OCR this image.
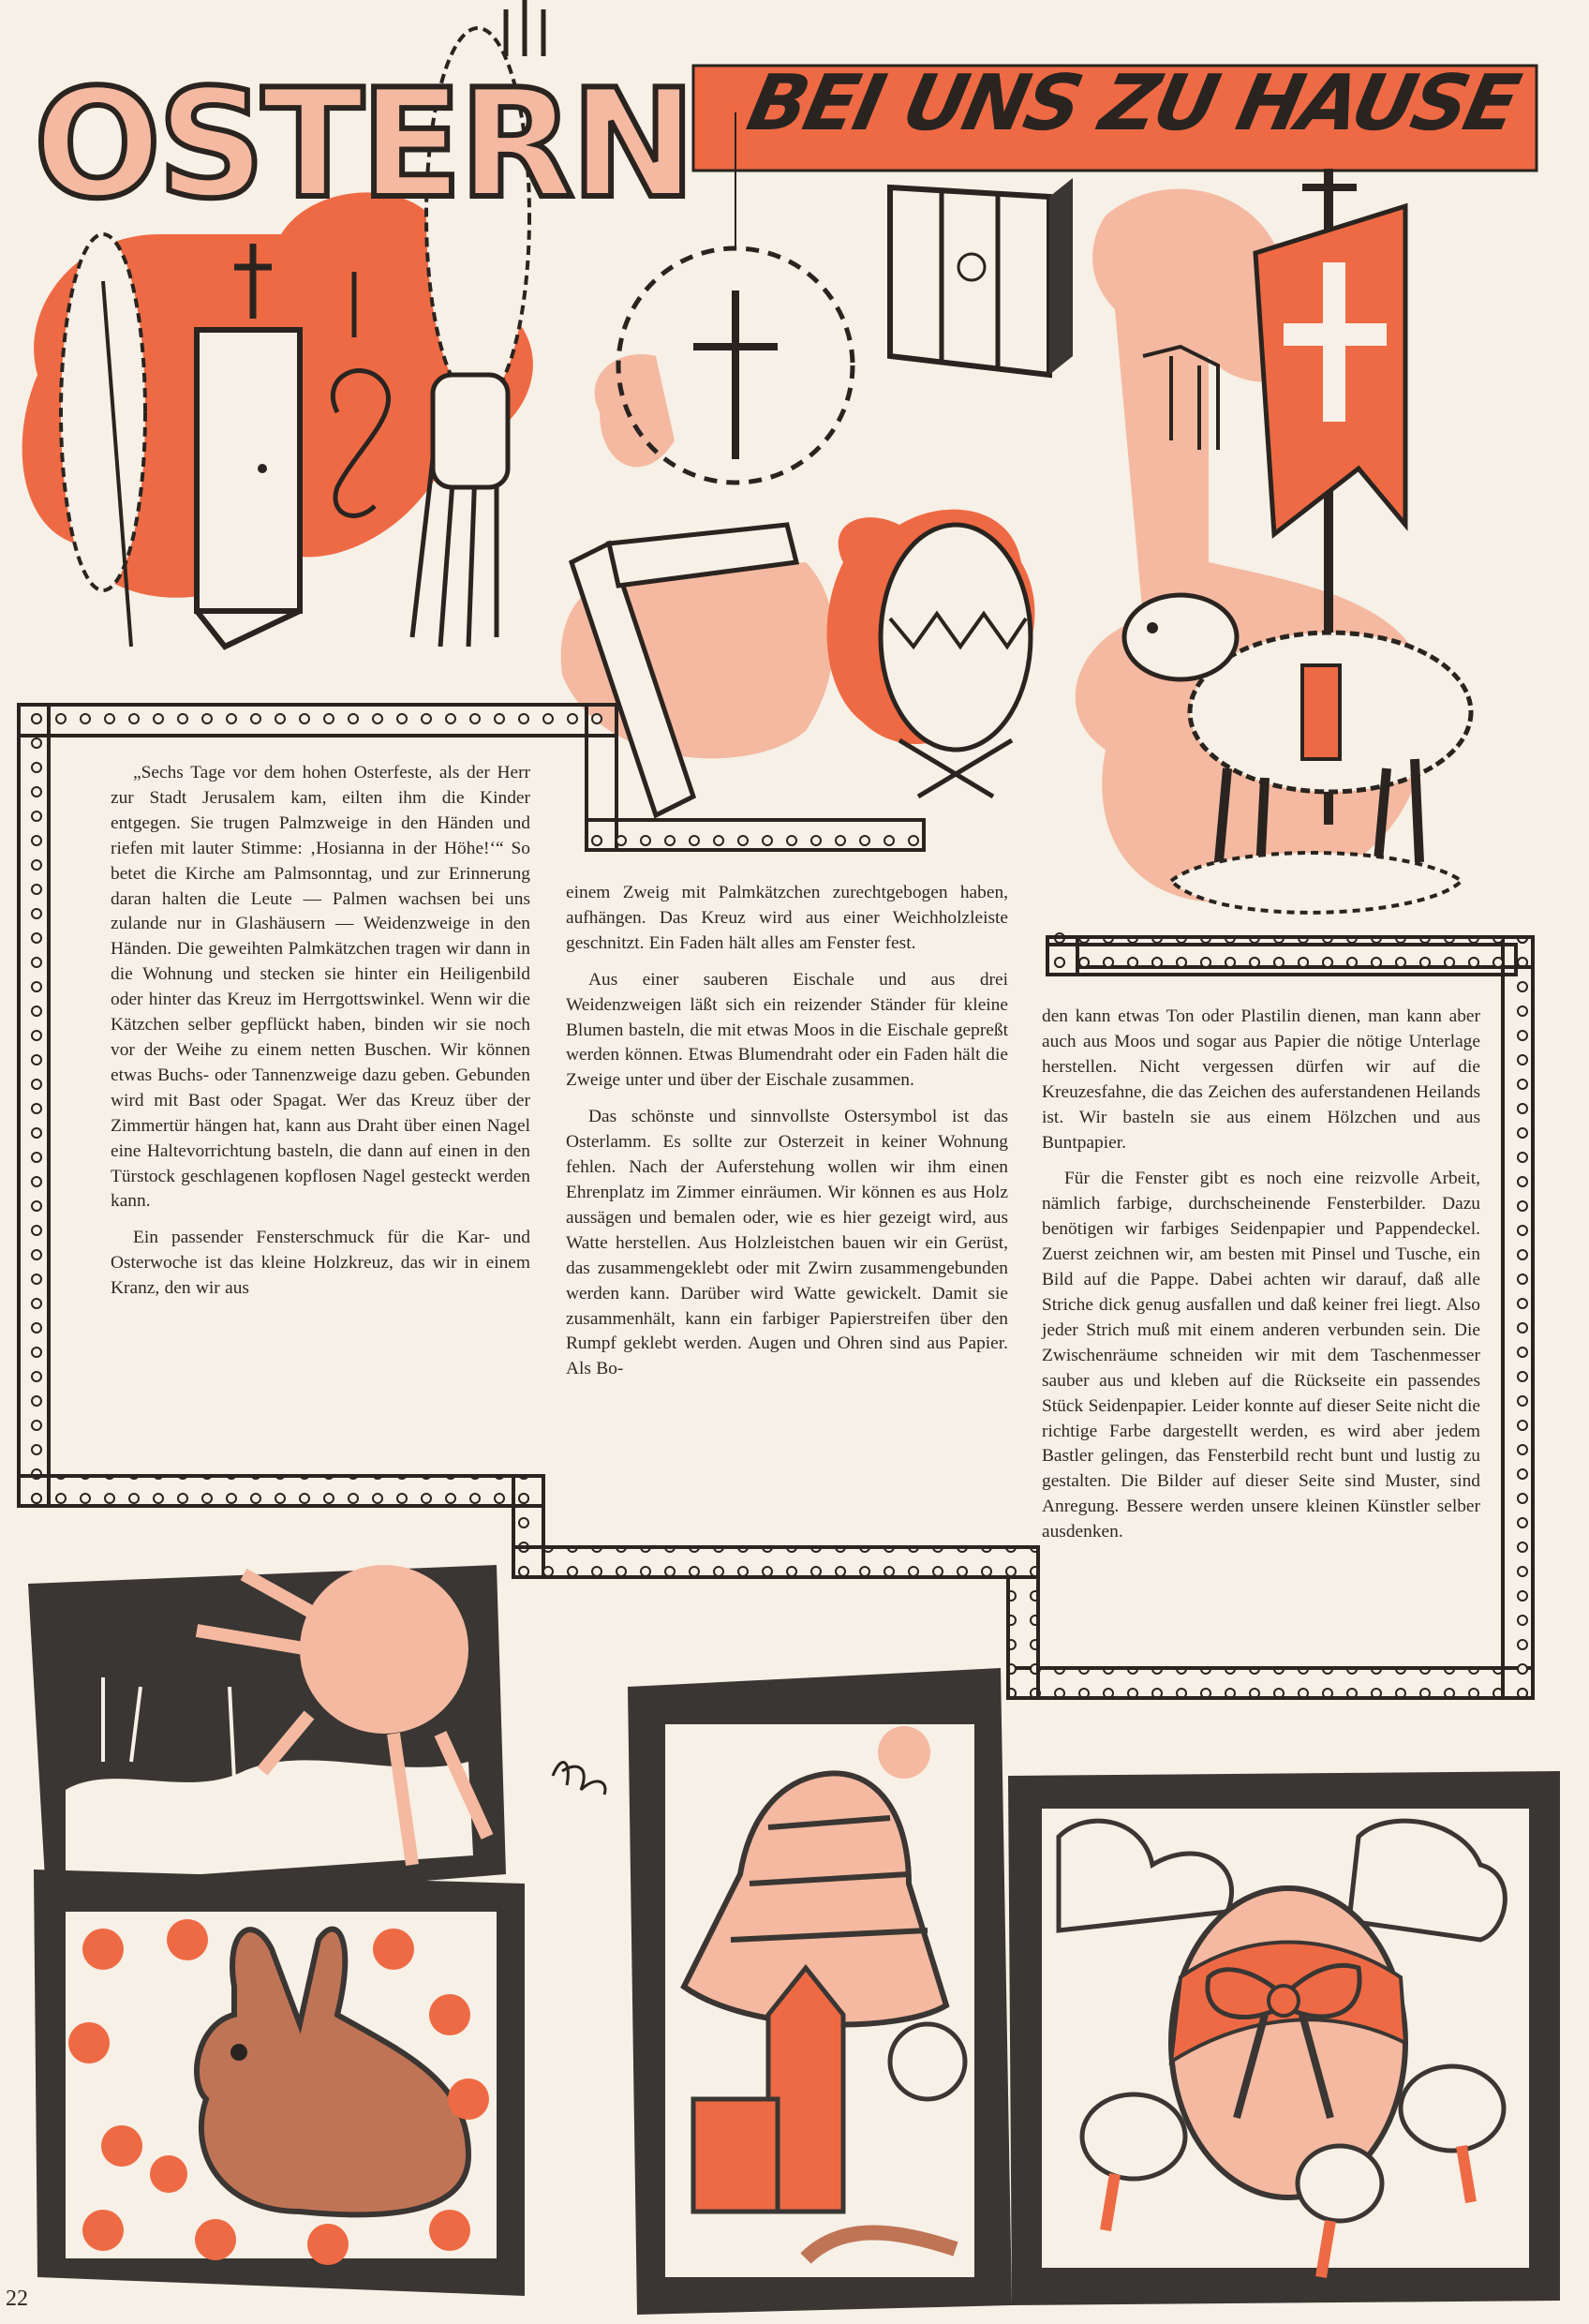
OSTERN BEI UNS ZU HAUSE

„Sechs Tage vor dem hohen Osterfeste, als der Herr zur Stadt Jerusalem kam, eilten ihm die Kinder entgegen. Sie trugen Palmzweige in den Händen und riefen mit lauter Stimme: ‚Hosianna in der Höhe!‘“ So betet die Kirche am Palmsonntag, und zur Erinnerung daran halten die Leute — Palmen wachsen bei uns zulande nur in Glashäusern — Weidenzweige in den Händen. Die geweihten Palmkätzchen tragen wir dann in die Wohnung und stecken sie hinter ein Heiligenbild oder hinter das Kreuz im Herrgottswinkel. Wenn wir die Kätzchen selber gepflückt haben, binden wir sie noch vor der Weihe zu einem netten Buschen. Wir können etwas Buchs- oder Tannenzweige dazu geben. Gebunden wird mit Bast oder Spagat. Wer das Kreuz über der Zimmertür hängen hat, kann aus Draht über einen Nagel eine Haltevorrichtung basteln, die dann auf einen in den Türstock geschlagenen kopflosen Nagel gesteckt werden kann.

Ein passender Fensterschmuck für die Kar- und Osterwoche ist das kleine Holzkreuz, das wir in einem Kranz, den wir aus

einem Zweig mit Palmkätzchen zurechtgebogen haben, aufhängen. Das Kreuz wird aus einer Weichholzleiste geschnitzt. Ein Faden hält alles am Fenster fest.

Aus einer sauberen Eischale und aus drei Weidenzweigen läßt sich ein reizender Ständer für kleine Blumen basteln, die mit etwas Moos in die Eischale gepreßt werden können. Etwas Blumendraht oder ein Faden hält die Zweige unter und über der Eischale zusammen.

Das schönste und sinnvollste Ostersymbol ist das Osterlamm. Es sollte zur Osterzeit in keiner Wohnung fehlen. Nach der Auferstehung wollen wir ihm einen Ehrenplatz im Zimmer einräumen. Wir können es aus Holz aussägen und bemalen oder, wie es hier gezeigt wird, aus Watte herstellen. Aus Holzleistchen bauen wir ein Gerüst, das zusammengeklebt oder mit Zwirn zusammengebunden werden kann. Darüber wird Watte gewickelt. Damit sie zusammenhält, kann ein farbiger Papierstreifen über den Rumpf geklebt werden. Augen und Ohren sind aus Papier. Als Bo-

den kann etwas Ton oder Plastilin dienen, man kann aber auch aus Moos und sogar aus Papier die nötige Unterlage herstellen. Nicht vergessen dürfen wir auf die Kreuzesfahne, die das Zeichen des auferstandenen Heilands ist. Wir basteln sie aus einem Hölzchen und aus Buntpapier.

Für die Fenster gibt es noch eine reizvolle Arbeit, nämlich farbige, durchscheinende Fensterbilder. Dazu benötigen wir farbiges Seidenpapier und Pappendeckel. Zuerst zeichnen wir, am besten mit Pinsel und Tusche, ein Bild auf die Pappe. Dabei achten wir darauf, daß alle Striche dick genug ausfallen und daß keiner frei liegt. Also jeder Strich muß mit einem anderen verbunden sein. Die Zwischenräume schneiden wir mit dem Taschenmesser sauber aus und kleben auf die Rückseite ein passendes Stück Seidenpapier. Leider konnte auf dieser Seite nicht die richtige Farbe dargestellt werden, es wird aber jedem Bastler gelingen, das Fensterbild recht bunt und lustig zu gestalten. Die Bilder auf dieser Seite sind Muster, sind Anregung. Bessere werden unsere kleinen Künstler selber ausdenken.

22
